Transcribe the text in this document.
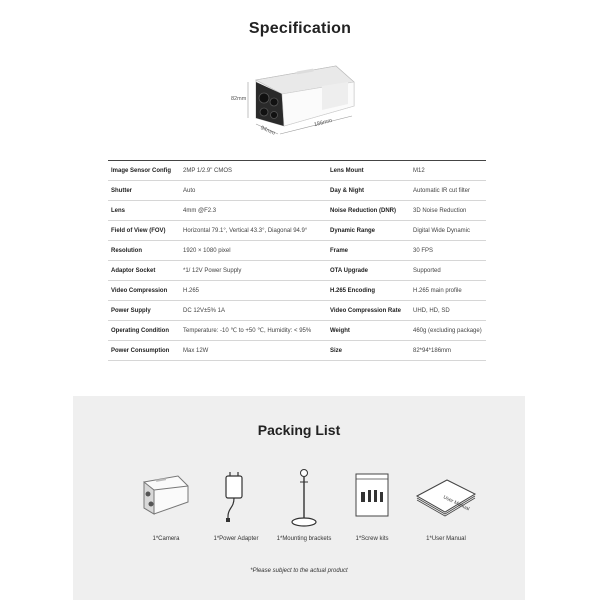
Specification
82mm
94mm
186mm
Image Sensor Config	2MP 1/2.9" CMOS	Lens Mount	M12
Shutter	Auto	Day & Night	Automatic IR cut filter
Lens	4mm @F2.3	Noise Reduction (DNR)	3D Noise Reduction
Field of View (FOV)	Horizontal 79.1°, Vertical 43.3°, Diagonal 94.9°	Dynamic Range	Digital Wide Dynamic
Resolution	1920 × 1080 pixel	Frame	30 FPS
Adaptor Socket	*1/ 12V Power Supply	OTA Upgrade	Supported
Video Compression	H.265	H.265 Encoding	H.265 main profile
Power Supply	DC 12V±5% 1A	Video Compression Rate	UHD, HD, SD
Operating Condition	Temperature: -10 ℃ to +50 ℃, Humidity: < 95%	Weight	460g (excluding package)
Power Consumption	Max 12W	Size	82*94*186mm
Packing List
1*Camera	1*Power Adapter	1*Mounting brackets	1*Screw kits
User Manual
1*User Manual
*Please subject to the actual product
